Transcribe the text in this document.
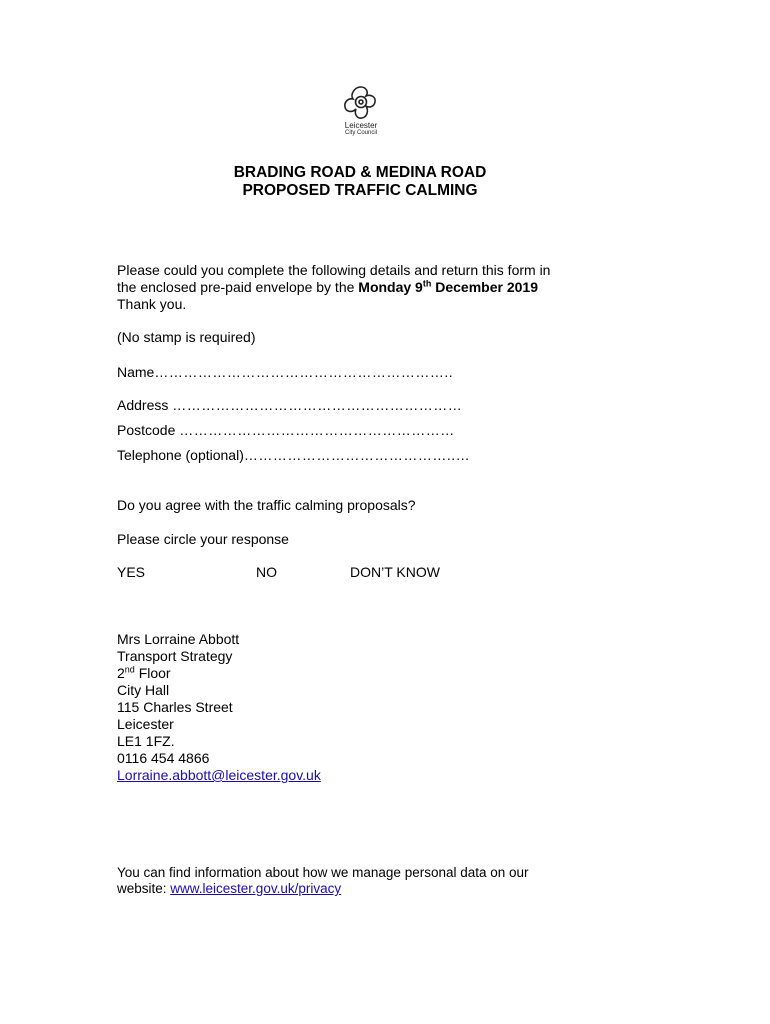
Leicester
City Council
BRADING ROAD & MEDINA ROAD
PROPOSED TRAFFIC CALMING
Please could you complete the following details and return this form in
the enclosed pre-paid envelope by the Monday 9th December 2019
Thank you.
(No stamp is required)
Name……………………………………………………..
Address ……………………………………………………
Postcode …………………………………………………
Telephone (optional)……………………………………..…
Do you agree with the traffic calming proposals?
Please circle your response
YES	NO	DON’T KNOW
Mrs Lorraine Abbott
Transport Strategy
2nd Floor
City Hall
115 Charles Street
Leicester
LE1 1FZ.
0116 454 4866
Lorraine.abbott@leicester.gov.uk
You can find information about how we manage personal data on our
website: www.leicester.gov.uk/privacy
